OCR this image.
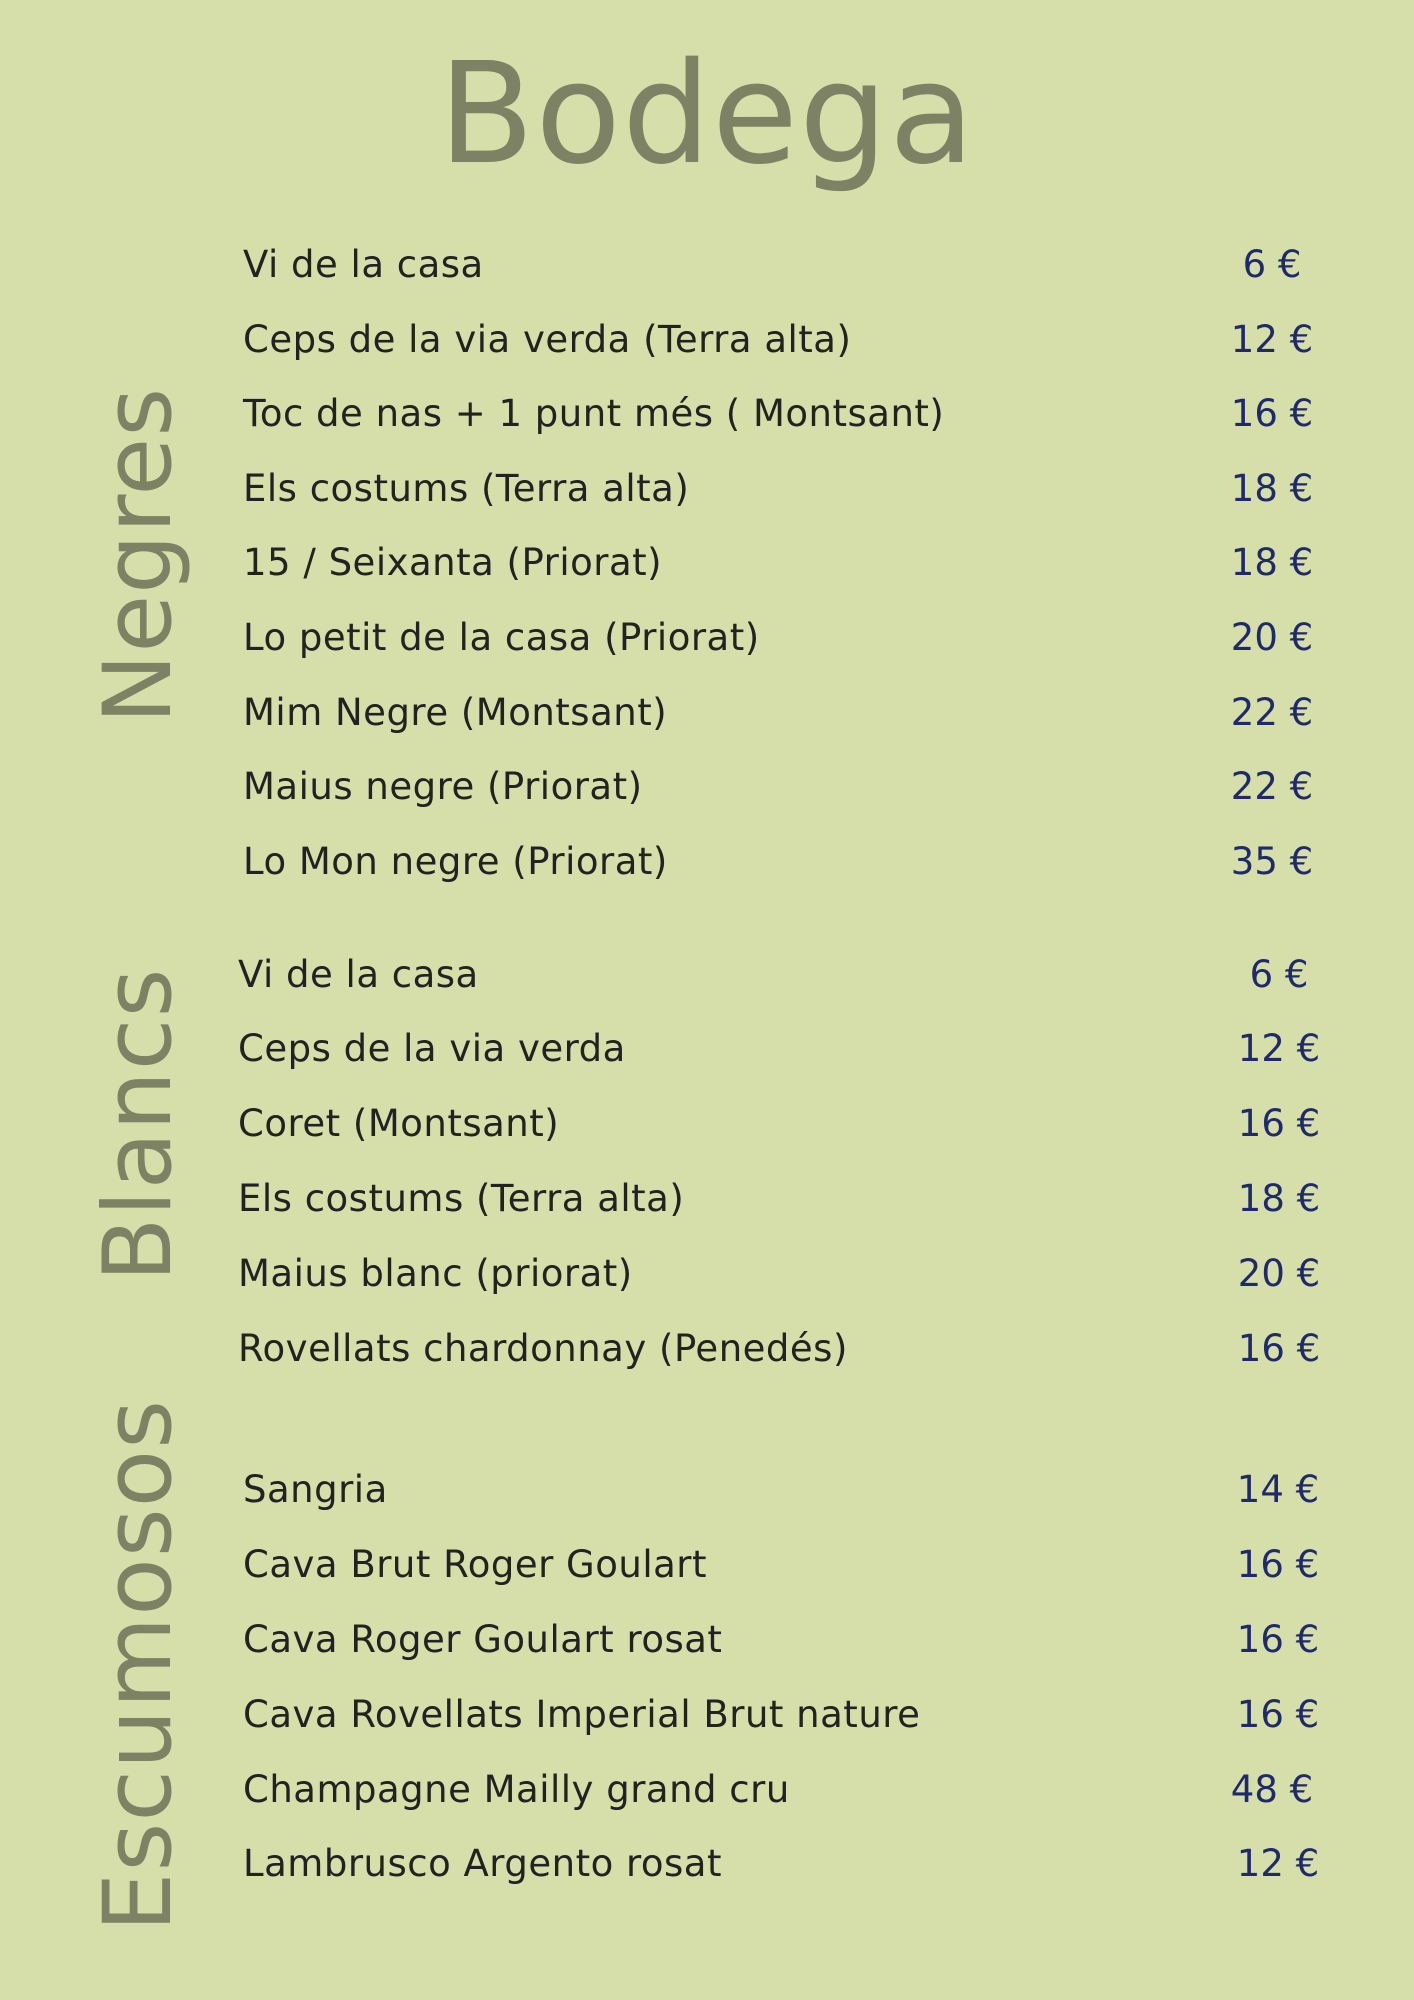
Bodega
Negres
Vi de la casa	6 €
Ceps de la via verda (Terra alta)	12 €
Toc de nas + 1 punt més ( Montsant)	16 €
Els costums (Terra alta)	18 €
15 / Seixanta (Priorat)	18 €
Lo petit de la casa (Priorat)	20 €
Mim Negre (Montsant)	22 €
Maius negre (Priorat)	22 €
Lo Mon negre (Priorat)	35 €
Blancs Vi de la casa	6 €
Ceps de la via verda	12 €
Coret (Montsant)	16 €
Els costums (Terra alta)	18 €
Maius blanc (priorat)	20 €
Rovellats chardonnay (Penedés)	16 €
Escumosos Sangria	14 €
Cava Brut Roger Goulart	16 €
Cava Roger Goulart rosat	16 €
Cava Rovellats Imperial Brut nature	16 €
Champagne Mailly grand cru	48 €
Lambrusco Argento rosat	12 €
